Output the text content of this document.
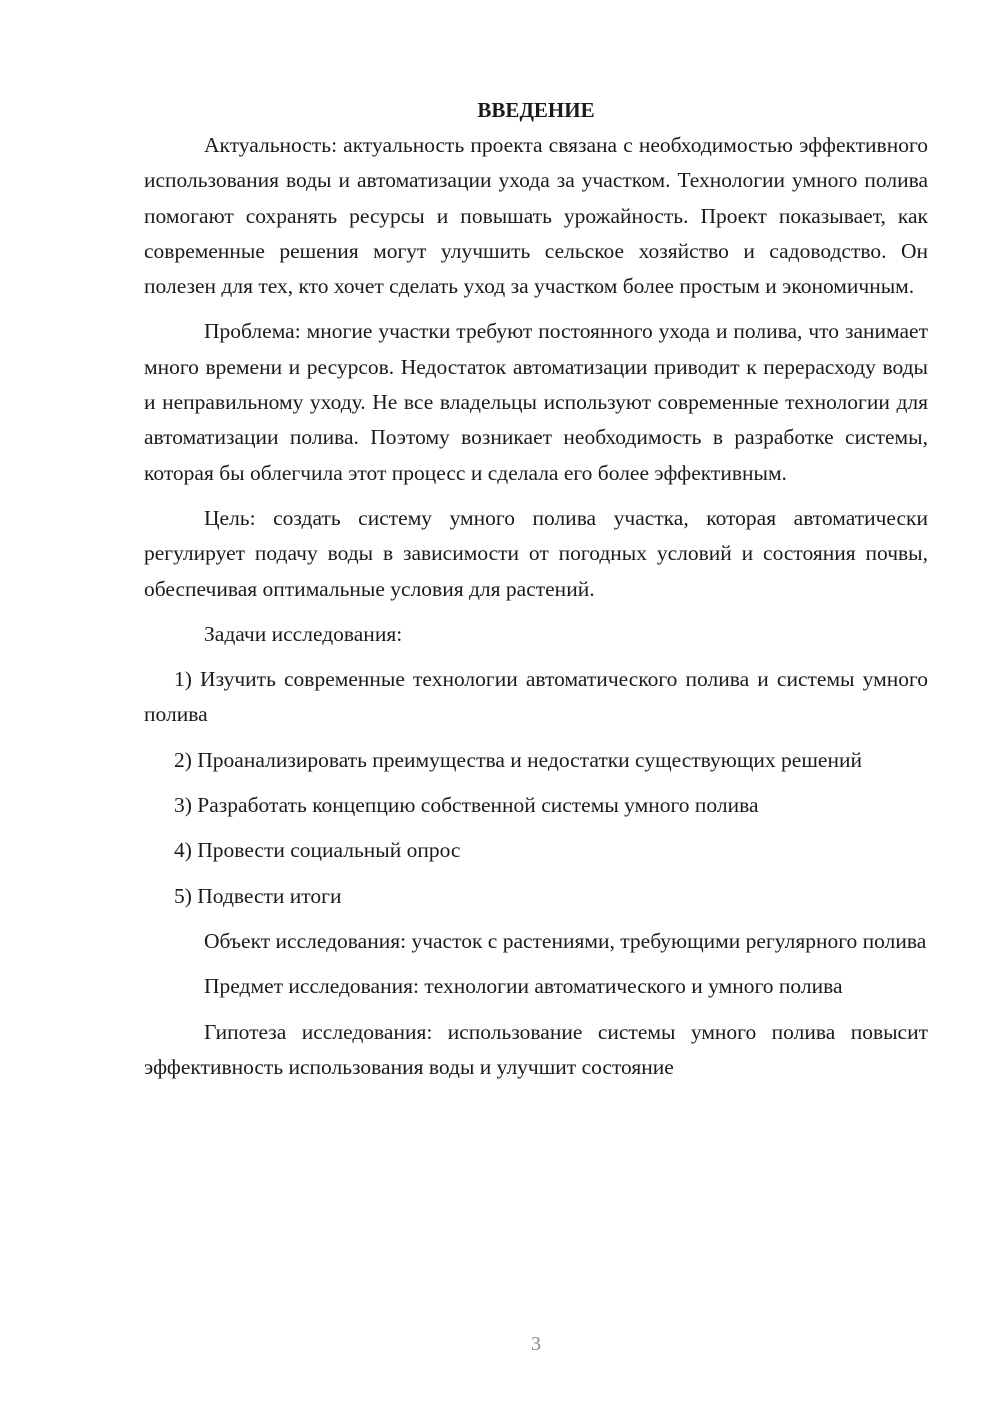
ВВЕДЕНИЕ

Актуальность: актуальность проекта связана с необходимостью эффективного использования воды и автоматизации ухода за участком. Технологии умного полива помогают сохранять ресурсы и повышать урожайность. Проект показывает, как современные решения могут улучшить сельское хозяйство и садоводство. Он полезен для тех, кто хочет сделать уход за участком более простым и экономичным.

Проблема: многие участки требуют постоянного ухода и полива, что занимает много времени и ресурсов. Недостаток автоматизации приводит к перерасходу воды и неправильному уходу. Не все владельцы используют современные технологии для автоматизации полива. Поэтому возникает необходимость в разработке системы, которая бы облегчила этот процесс и сделала его более эффективным.

Цель: создать систему умного полива участка, которая автоматически регулирует подачу воды в зависимости от погодных условий и состояния почвы, обеспечивая оптимальные условия для растений.

Задачи исследования:

1) Изучить современные технологии автоматического полива и системы умного полива

2) Проанализировать преимущества и недостатки существующих решений

3) Разработать концепцию собственной системы умного полива

4) Провести социальный опрос

5) Подвести итоги

Объект исследования: участок с растениями, требующими регулярного полива

Предмет исследования: технологии автоматического и умного полива

Гипотеза исследования: использование системы умного полива повысит эффективность использования воды и улучшит состояние

3
